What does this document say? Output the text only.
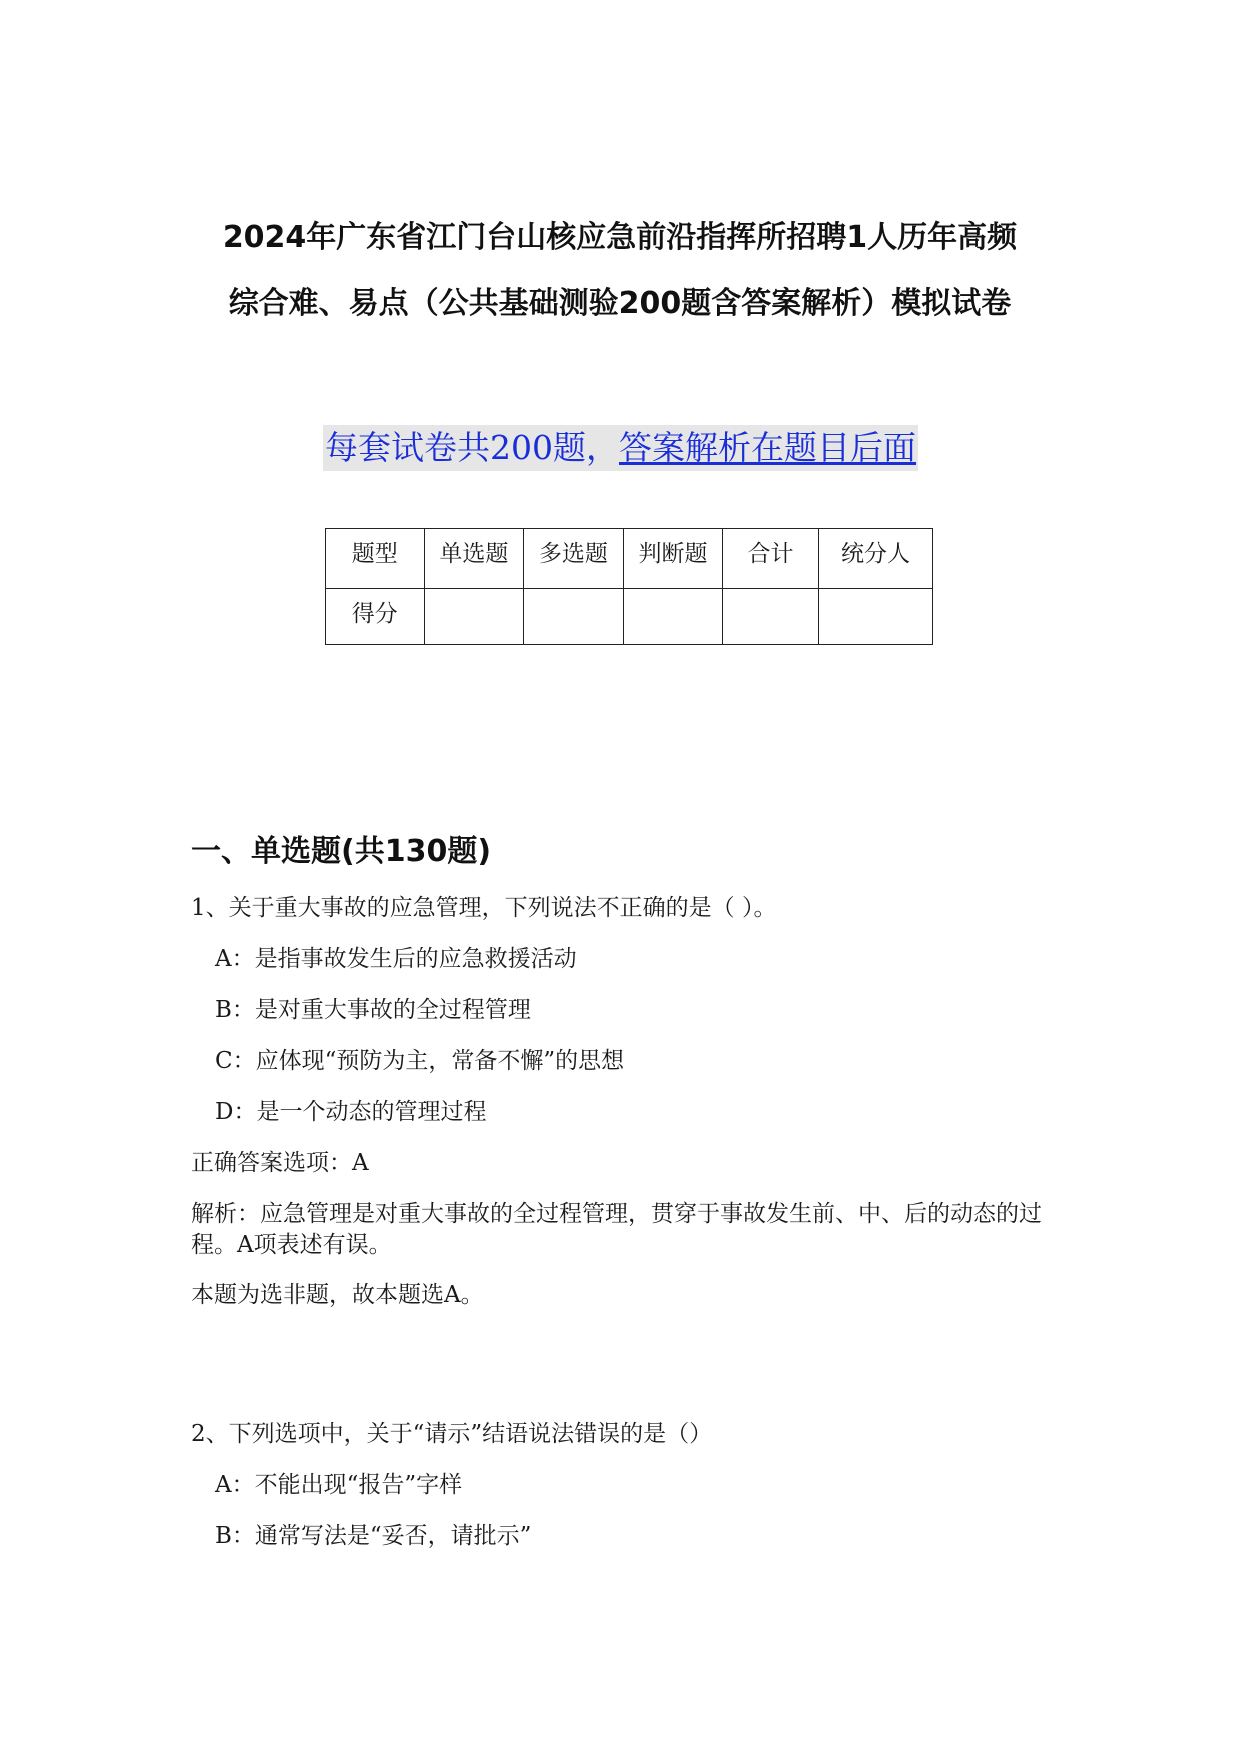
2024年广东省江门台山核应急前沿指挥所招聘1人历年高频
综合难、易点（公共基础测验200题含答案解析）模拟试卷
每套试卷共200题，答案解析在题目后面
题型	单选题	多选题	判断题	合计	统分人
得分					
一、单选题(共130题)

1、关于重大事故的应急管理，下列说法不正确的是（ ）。

A：是指事故发生后的应急救援活动

B：是对重大事故的全过程管理

C：应体现“预防为主，常备不懈”的思想

D：是一个动态的管理过程

正确答案选项：A

解析：应急管理是对重大事故的全过程管理，贯穿于事故发生前、中、后的动态的过程。A项表述有误。

本题为选非题，故本题选A。

2、下列选项中，关于“请示”结语说法错误的是（）

A：不能出现“报告”字样

B：通常写法是“妥否，请批示”
